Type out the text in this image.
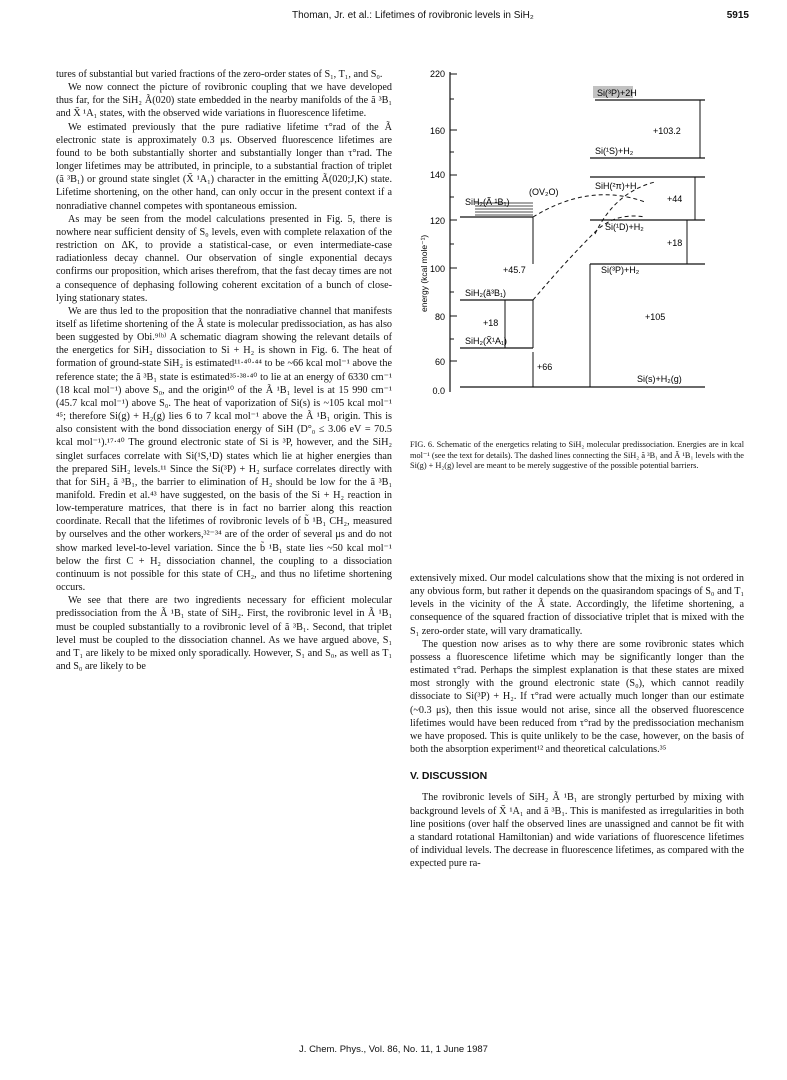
Thoman, Jr. et al.: Lifetimes of rovibronic levels in SiH₂	5915

tures of substantial but varied fractions of the zero-order states of S₁, T₁, and S₀.

We now connect the picture of rovibronic coupling that we have developed thus far, for the SiH₂ Ã(020) state embedded in the nearby manifolds of the ã ³B₁ and X̃ ¹A₁ states, with the observed wide variations in fluorescence lifetime.

We estimated previously that the pure radiative lifetime τ°rad of the Ã electronic state is approximately 0.3 μs. Observed fluorescence lifetimes are found to be both substantially shorter and substantially longer than τ°rad. The longer lifetimes may be attributed, in principle, to a substantial fraction of triplet (ã ³B₁) or ground state singlet (X̃ ¹A₁) character in the emitting Ã(020;J,K) state. Lifetime shortening, on the other hand, can only occur in the present context if a nonradiative channel competes with spontaneous emission.

As may be seen from the model calculations presented in Fig. 5, there is nowhere near sufficient density of S₀ levels, even with complete relaxation of the restriction on ΔK, to provide a statistical-case, or even intermediate-case radiationless decay channel. Our observation of single exponential decays confirms our proposition, which arises therefrom, that the fast decay times are not a consequence of dephasing following coherent excitation of a bunch of close-lying stationary states.

We are thus led to the proposition that the nonradiative channel that manifests itself as lifetime shortening of the Ã state is molecular predissociation, as has also been suggested by Obi.⁹⁽ᵇ⁾ A schematic diagram showing the relevant details of the energetics for SiH₂ dissociation to Si + H₂ is shown in Fig. 6. The heat of formation of ground-state SiH₂ is estimated¹¹·⁴⁰·⁴⁴ to be ~66 kcal mol⁻¹ above the reference state; the ã ³B₁ state is estimated³⁵·³⁸·⁴⁰ to lie at an energy of 6330 cm⁻¹ (18 kcal mol⁻¹) above S₀, and the origin¹⁰ of the Ã ¹B₁ level is at 15 990 cm⁻¹ (45.7 kcal mol⁻¹) above S₀. The heat of vaporization of Si(s) is ~105 kcal mol⁻¹ ⁴⁵; therefore Si(g) + H₂(g) lies 6 to 7 kcal mol⁻¹ above the Ã ¹B₁ origin. This is also consistent with the bond dissociation energy of SiH (D°₀ ≤ 3.06 eV = 70.5 kcal mol⁻¹).¹⁷·⁴⁰ The ground electronic state of Si is ³P, however, and the SiH₂ singlet surfaces correlate with Si(¹S,¹D) states which lie at higher energies than the prepared SiH₂ levels.¹¹ Since the Si(³P) + H₂ surface correlates directly with that for SiH₂ ã ³B₁, the barrier to elimination of H₂ should be low for the ã ³B₁ manifold. Fredin et al.⁴³ have suggested, on the basis of the Si + H₂ reaction in low-temperature matrices, that there is in fact no barrier along this reaction coordinate. Recall that the lifetimes of rovibronic levels of b̃ ¹B₁ CH₂, measured by ourselves and the other workers,³²⁻³⁴ are of the order of several μs and do not show marked level-to-level variation. Since the b̃ ¹B₁ state lies ~50 kcal mol⁻¹ below the first C + H₂ dissociation channel, the coupling to a dissociation continuum is not possible for this state of CH₂, and thus no lifetime shortening occurs.

We see that there are two ingredients necessary for efficient molecular predissociation from the Ã ¹B₁ state of SiH₂. First, the rovibronic level in Ã ¹B₁ must be coupled substantially to a rovibronic level of ã ³B₁. Second, that triplet level must be coupled to the dissociation channel. As we have argued above, S₁ and T₁ are likely to be mixed only sporadically. However, S₁ and S₀, as well as T₁ and S₀ are likely to be

220
160
140
120
100
80
60
0.0
energy (kcal mole⁻¹)
Si(³P)+2H
Si(¹S)+H₂
SiH(²π)+H
Si(¹D)+H₂
Si(³P)+H₂
Si(s)+H₂(g)
SiH₂(Ã ¹B₁)
SiH₂(ã³B₁)
SiH₂(X̃¹A₁)
(OV₂O)
+103.2
+44
+18
+45.7
+18
+105
+66
FIG. 6. Schematic of the energetics relating to SiH₂ molecular predissociation. Energies are in kcal mol⁻¹ (see the text for details). The dashed lines connecting the SiH₂ ã ³B₁ and Ã ¹B₁ levels with the Si(g) + H₂(g) level are meant to be merely suggestive of the possible potential barriers.

extensively mixed. Our model calculations show that the mixing is not ordered in any obvious form, but rather it depends on the quasirandom spacings of S₀ and T₁ levels in the vicinity of the Ã state. Accordingly, the lifetime shortening, a consequence of the squared fraction of dissociative triplet that is mixed with the S₁ zero-order state, will vary dramatically.

The question now arises as to why there are some rovibronic states which possess a fluorescence lifetime which may be significantly longer than the estimated τ°rad. Perhaps the simplest explanation is that these states are mixed most strongly with the ground electronic state (S₀), which cannot readily dissociate to Si(³P) + H₂. If τ°rad were actually much longer than our estimate (~0.3 μs), then this issue would not arise, since all the observed fluorescence lifetimes would have been reduced from τ°rad by the predissociation mechanism we have proposed. This is quite unlikely to be the case, however, on the basis of both the absorption experiment¹² and theoretical calculations.³⁵

V. DISCUSSION

The rovibronic levels of SiH₂ Ã ¹B₁ are strongly perturbed by mixing with background levels of X̃ ¹A₁ and ã ³B₁. This is manifested as irregularities in both line positions (over half the observed lines are unassigned and cannot be fit with a standard rotational Hamiltonian) and wide variations of fluorescence lifetimes of individual levels. The decrease in fluorescence lifetimes, as compared with the expected pure ra-

J. Chem. Phys., Vol. 86, No. 11, 1 June 1987
